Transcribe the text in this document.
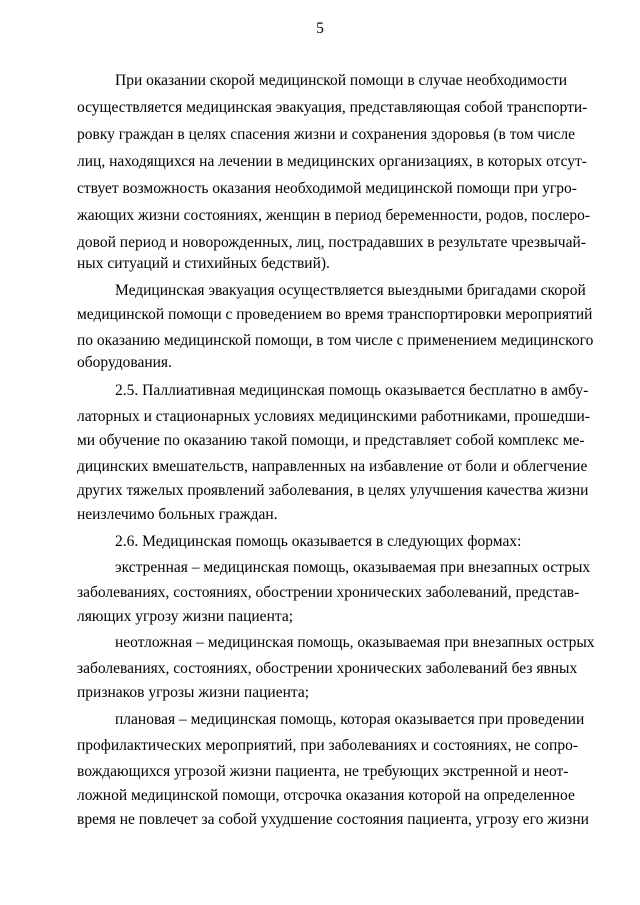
5
При оказании скорой медицинской помощи в случае необходимости
осуществляется медицинская эвакуация, представляющая собой транспорти-
ровку граждан в целях спасения жизни и сохранения здоровья (в том числе
лиц, находящихся на лечении в медицинских организациях, в которых отсут-
ствует возможность оказания необходимой медицинской помощи при угро-
жающих жизни состояниях, женщин в период беременности, родов, послеро-
довой период и новорожденных, лиц, пострадавших в результате чрезвычай-
ных ситуаций и стихийных бедствий).
Медицинская эвакуация осуществляется выездными бригадами скорой
медицинской помощи с проведением во время транспортировки мероприятий
по оказанию медицинской помощи, в том числе с применением медицинского
оборудования.
2.5. Паллиативная медицинская помощь оказывается бесплатно в амбу-
латорных и стационарных условиях медицинскими работниками, прошедши-
ми обучение по оказанию такой помощи, и представляет собой комплекс ме-
дицинских вмешательств, направленных на избавление от боли и облегчение
других тяжелых проявлений заболевания, в целях улучшения качества жизни
неизлечимо больных граждан.
2.6. Медицинская помощь оказывается в следующих формах:
экстренная – медицинская помощь, оказываемая при внезапных острых
заболеваниях, состояниях, обострении хронических заболеваний, представ-
ляющих угрозу жизни пациента;
неотложная – медицинская помощь, оказываемая при внезапных острых
заболеваниях, состояниях, обострении хронических заболеваний без явных
признаков угрозы жизни пациента;
плановая – медицинская помощь, которая оказывается при проведении
профилактических мероприятий, при заболеваниях и состояниях, не сопро-
вождающихся угрозой жизни пациента, не требующих экстренной и неот-
ложной медицинской помощи, отсрочка оказания которой на определенное
время не повлечет за собой ухудшение состояния пациента, угрозу его жизни
